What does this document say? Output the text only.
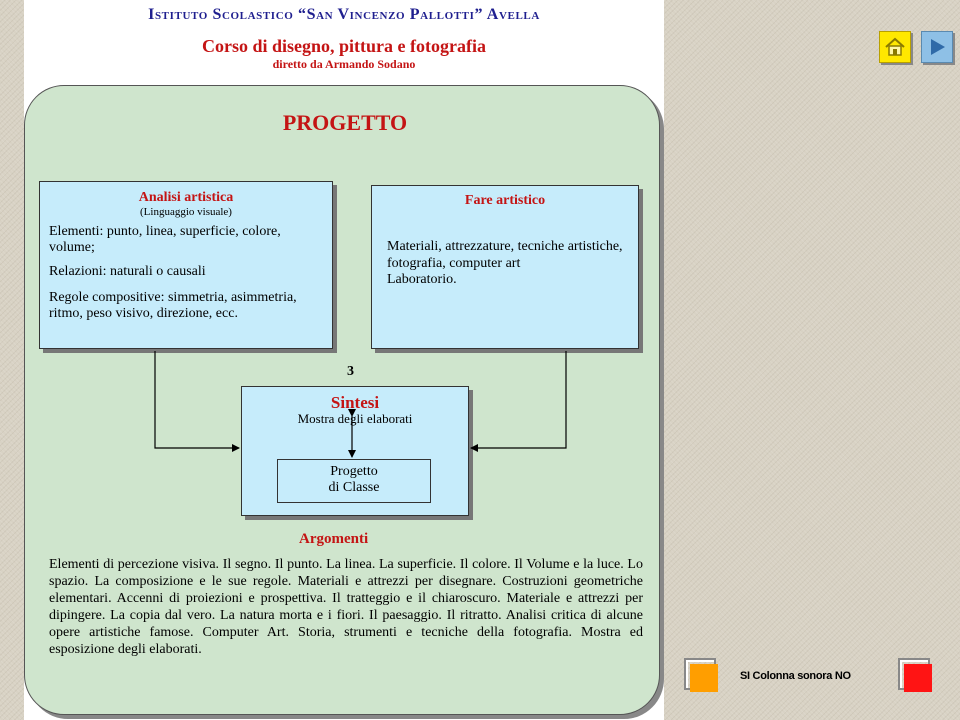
Istituto Scolastico “San Vincenzo Pallotti” Avella
Corso di disegno, pittura e fotografia
diretto da Armando Sodano
PROGETTO
Analisi artistica
(Linguaggio visuale)
Elementi: punto, linea, superficie, colore, volume;
Relazioni: naturali o causali
Regole compositive: simmetria, asimmetria, ritmo, peso visivo, direzione, ecc.
Fare artistico
Materiali, attrezzature, tecniche artistiche, fotografia, computer art
Laboratorio.
3
Sintesi
Mostra degli elaborati
Progetto
di Classe
Argomenti
Elementi di percezione visiva. Il segno. Il punto. La linea. La superficie. Il colore. Il Volume e la luce. Lo spazio. La composizione e le sue regole. Materiali e attrezzi per disegnare. Costruzioni geometriche elementari. Accenni di proiezioni e prospettiva. Il tratteggio e il chiaroscuro. Materiale e attrezzi per dipingere. La copia dal vero. La natura morta e i fiori. Il paesaggio. Il ritratto. Analisi critica di alcune opere artistiche famose. Computer Art. Storia, strumenti e tecniche della fotografia. Mostra ed esposizione degli elaborati.
SI Colonna sonora NO
